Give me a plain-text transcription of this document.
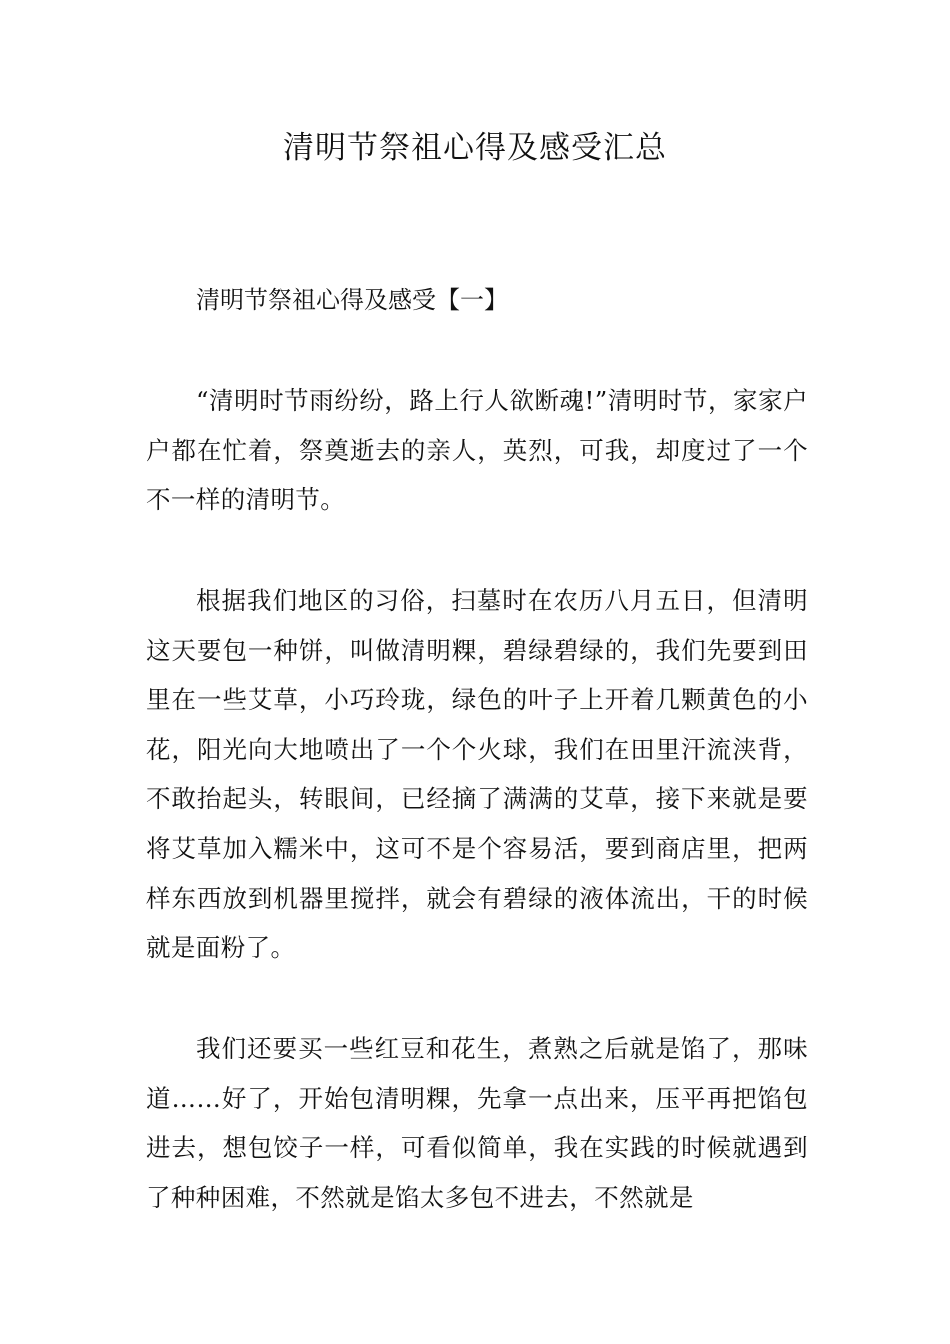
清明节祭祖心得及感受汇总
清明节祭祖心得及感受【一】

“清明时节雨纷纷，路上行人欲断魂!”清明时节，家家户户都在忙着，祭奠逝去的亲人，英烈，可我，却度过了一个不一样的清明节。

根据我们地区的习俗，扫墓时在农历八月五日，但清明这天要包一种饼，叫做清明粿，碧绿碧绿的，我们先要到田里在一些艾草，小巧玲珑，绿色的叶子上开着几颗黄色的小花，阳光向大地喷出了一个个火球，我们在田里汗流浃背，不敢抬起头，转眼间，已经摘了满满的艾草，接下来就是要将艾草加入糯米中，这可不是个容易活，要到商店里，把两样东西放到机器里搅拌，就会有碧绿的液体流出，干的时候就是面粉了。

我们还要买一些红豆和花生，煮熟之后就是馅了，那味道……好了，开始包清明粿，先拿一点出来，压平再把馅包进去，想包饺子一样，可看似简单，我在实践的时候就遇到了种种困难，不然就是馅太多包不进去，不然就是
